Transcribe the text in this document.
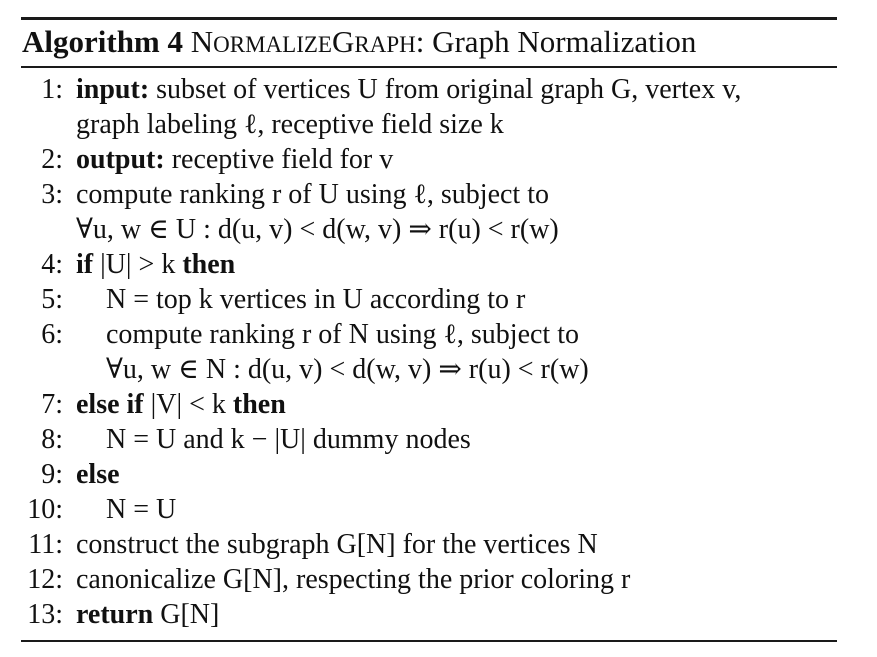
Algorithm 4 NORMALIZEGRAPH: Graph Normalization
1: input: subset of vertices U from original graph G, vertex v,
graph labeling ℓ, receptive field size k
2: output: receptive field for v
3: compute ranking r of U using ℓ, subject to
∀u, w ∈ U : d(u, v) < d(w, v) ⇒ r(u) < r(w)
4: if |U| > k then
5: N = top k vertices in U according to r
6: compute ranking r of N using ℓ, subject to
∀u, w ∈ N : d(u, v) < d(w, v) ⇒ r(u) < r(w)
7: else if |V| < k then
8: N = U and k − |U| dummy nodes
9: else
10: N = U
11: construct the subgraph G[N] for the vertices N
12: canonicalize G[N], respecting the prior coloring r
13: return G[N]
